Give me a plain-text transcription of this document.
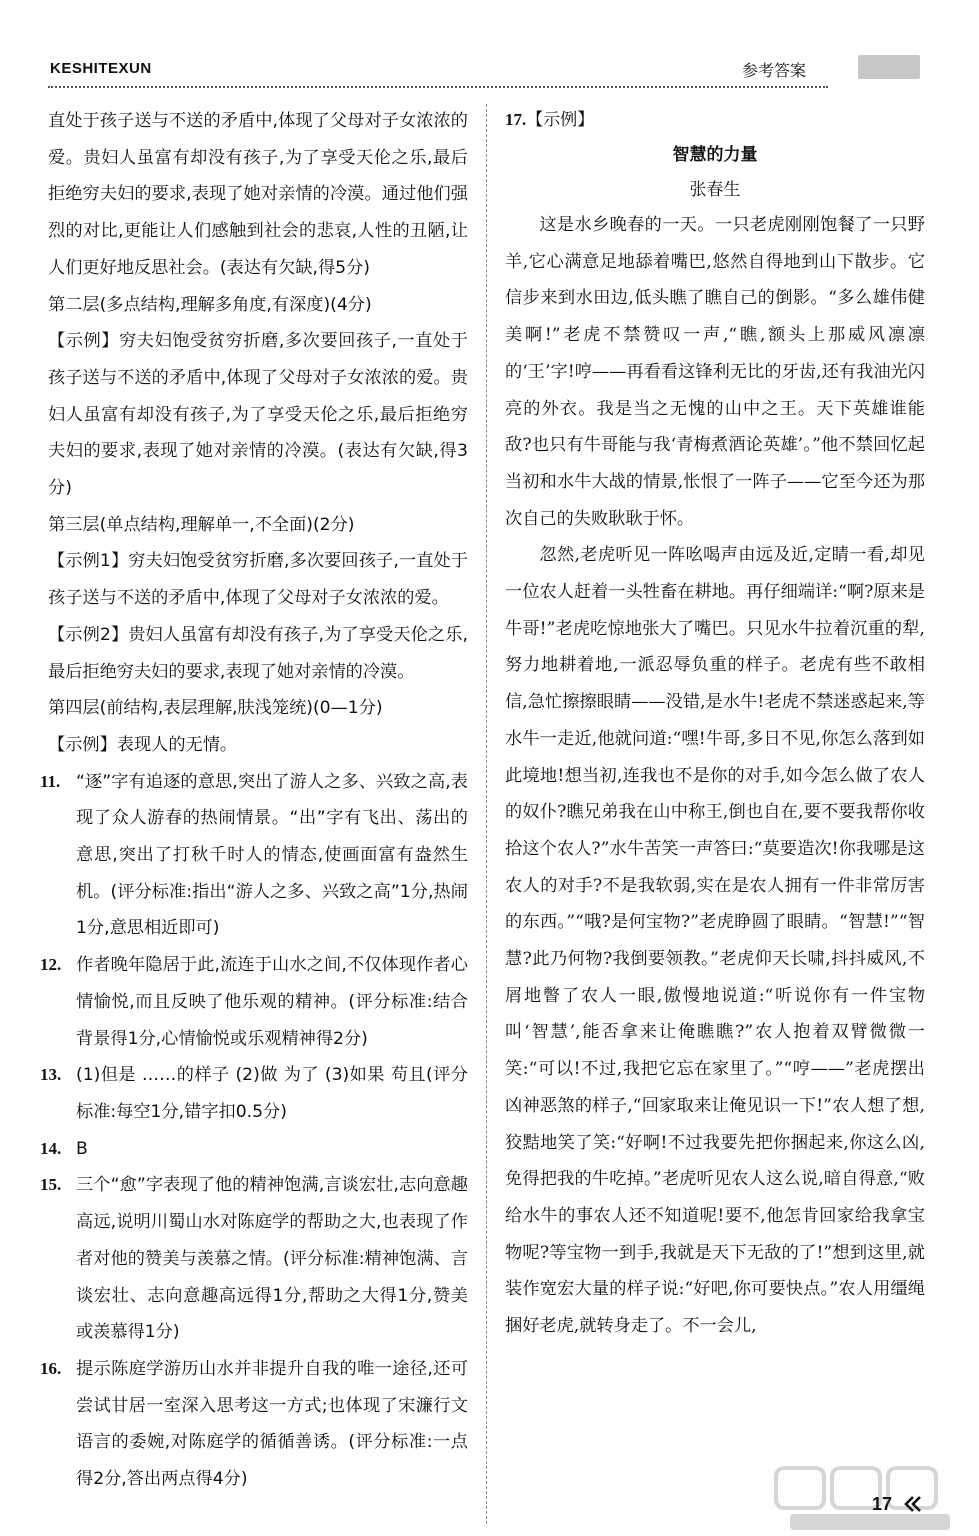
KESHITEXUN	参考答案

直处于孩子送与不送的矛盾中,体现了父母对子女浓浓的爱。贵妇人虽富有却没有孩子,为了享受天伦之乐,最后拒绝穷夫妇的要求,表现了她对亲情的冷漠。通过他们强烈的对比,更能让人们感触到社会的悲哀,人性的丑陋,让人们更好地反思社会。(表达有欠缺,得5分)

第二层(多点结构,理解多角度,有深度)(4分)

【示例】穷夫妇饱受贫穷折磨,多次要回孩子,一直处于孩子送与不送的矛盾中,体现了父母对子女浓浓的爱。贵妇人虽富有却没有孩子,为了享受天伦之乐,最后拒绝穷夫妇的要求,表现了她对亲情的冷漠。(表达有欠缺,得3分)

第三层(单点结构,理解单一,不全面)(2分)

【示例1】穷夫妇饱受贫穷折磨,多次要回孩子,一直处于孩子送与不送的矛盾中,体现了父母对子女浓浓的爱。

【示例2】贵妇人虽富有却没有孩子,为了享受天伦之乐,最后拒绝穷夫妇的要求,表现了她对亲情的冷漠。

第四层(前结构,表层理解,肤浅笼统)(0—1分)

【示例】表现人的无情。

11. “逐”字有追逐的意思,突出了游人之多、兴致之高,表现了众人游春的热闹情景。“出”字有飞出、荡出的意思,突出了打秋千时人的情态,使画面富有盎然生机。(评分标准:指出“游人之多、兴致之高”1分,热闹1分,意思相近即可)
12. 作者晚年隐居于此,流连于山水之间,不仅体现作者心情愉悦,而且反映了他乐观的精神。(评分标准:结合背景得1分,心情愉悦或乐观精神得2分)
13. (1)但是 ……的样子 (2)做 为了 (3)如果 苟且(评分标准:每空1分,错字扣0.5分)
14. B
15. 三个“愈”字表现了他的精神饱满,言谈宏壮,志向意趣高远,说明川蜀山水对陈庭学的帮助之大,也表现了作者对他的赞美与羡慕之情。(评分标准:精神饱满、言谈宏壮、志向意趣高远得1分,帮助之大得1分,赞美或羡慕得1分)
16. 提示陈庭学游历山水并非提升自我的唯一途径,还可尝试甘居一室深入思考这一方式;也体现了宋濂行文语言的委婉,对陈庭学的循循善诱。(评分标准:一点得2分,答出两点得4分)

17.【示例】

智慧的力量

张春生

这是水乡晚春的一天。一只老虎刚刚饱餐了一只野羊,它心满意足地舔着嘴巴,悠然自得地到山下散步。它信步来到水田边,低头瞧了瞧自己的倒影。“多么雄伟健美啊!”老虎不禁赞叹一声,“瞧,额头上那威风凛凛的‘王’字!哼——再看看这锋利无比的牙齿,还有我油光闪亮的外衣。我是当之无愧的山中之王。天下英雄谁能敌?也只有牛哥能与我‘青梅煮酒论英雄’。”他不禁回忆起当初和水牛大战的情景,怅恨了一阵子——它至今还为那次自己的失败耿耿于怀。

忽然,老虎听见一阵吆喝声由远及近,定睛一看,却见一位农人赶着一头牲畜在耕地。再仔细端详:“啊?原来是牛哥!”老虎吃惊地张大了嘴巴。只见水牛拉着沉重的犁,努力地耕着地,一派忍辱负重的样子。老虎有些不敢相信,急忙擦擦眼睛——没错,是水牛!老虎不禁迷惑起来,等水牛一走近,他就问道:“嘿!牛哥,多日不见,你怎么落到如此境地!想当初,连我也不是你的对手,如今怎么做了农人的奴仆?瞧兄弟我在山中称王,倒也自在,要不要我帮你收拾这个农人?”水牛苦笑一声答曰:“莫要造次!你我哪是这农人的对手?不是我软弱,实在是农人拥有一件非常厉害的东西。”“哦?是何宝物?”老虎睁圆了眼睛。“智慧!”“智慧?此乃何物?我倒要领教。”老虎仰天长啸,抖抖威风,不屑地瞥了农人一眼,傲慢地说道:“听说你有一件宝物叫‘智慧’,能否拿来让俺瞧瞧?”农人抱着双臂微微一笑:“可以!不过,我把它忘在家里了。”“哼——”老虎摆出凶神恶煞的样子,“回家取来让俺见识一下!”农人想了想,狡黠地笑了笑:“好啊!不过我要先把你捆起来,你这么凶,免得把我的牛吃掉。”老虎听见农人这么说,暗自得意,“败给水牛的事农人还不知道呢!要不,他怎肯回家给我拿宝物呢?等宝物一到手,我就是天下无敌的了!”想到这里,就装作宽宏大量的样子说:“好吧,你可要快点。”农人用缰绳捆好老虎,就转身走了。不一会儿,

17
